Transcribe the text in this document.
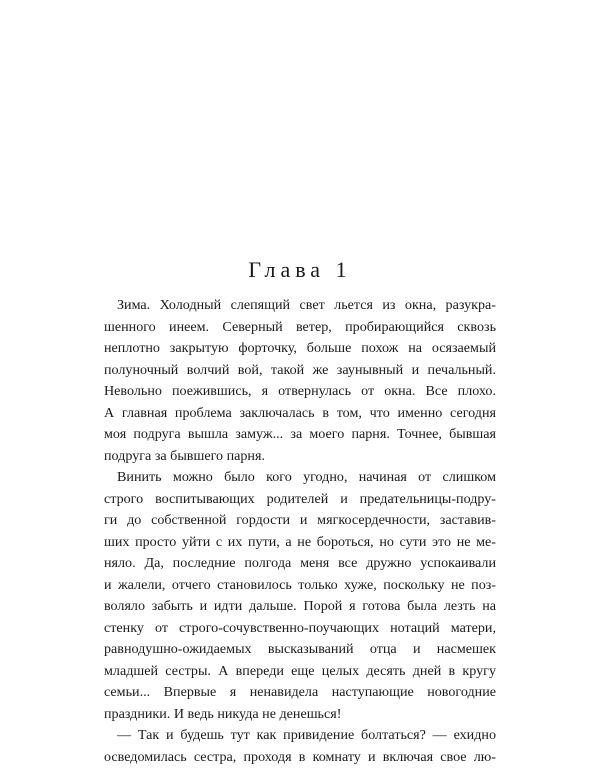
Глава 1
Зима. Холодный слепящий свет льется из окна, разукра-
шенного инеем. Северный ветер, пробирающийся сквозь
неплотно закрытую форточку, больше похож на осязаемый
полуночный волчий вой, такой же заунывный и печальный.
Невольно поежившись, я отвернулась от окна. Все плохо.
А главная проблема заключалась в том, что именно сегодня
моя подруга вышла замуж... за моего парня. Точнее, бывшая
подруга за бывшего парня.
Винить можно было кого угодно, начиная от слишком
строго воспитывающих родителей и предательницы-подру-
ги до собственной гордости и мягкосердечности, заставив-
ших просто уйти с их пути, а не бороться, но сути это не ме-
няло. Да, последние полгода меня все дружно успокаивали
и жалели, отчего становилось только хуже, поскольку не поз-
воляло забыть и идти дальше. Порой я готова была лезть на
стенку от строго-сочувственно-поучающих нотаций матери,
равнодушно-ожидаемых высказываний отца и насмешек
младшей сестры. А впереди еще целых десять дней в кругу
семьи... Впервые я ненавидела наступающие новогодние
праздники. И ведь никуда не денешься!
— Так и будешь тут как привидение болтаться? — ехидно
осведомилась сестра, проходя в комнату и включая свое лю-
